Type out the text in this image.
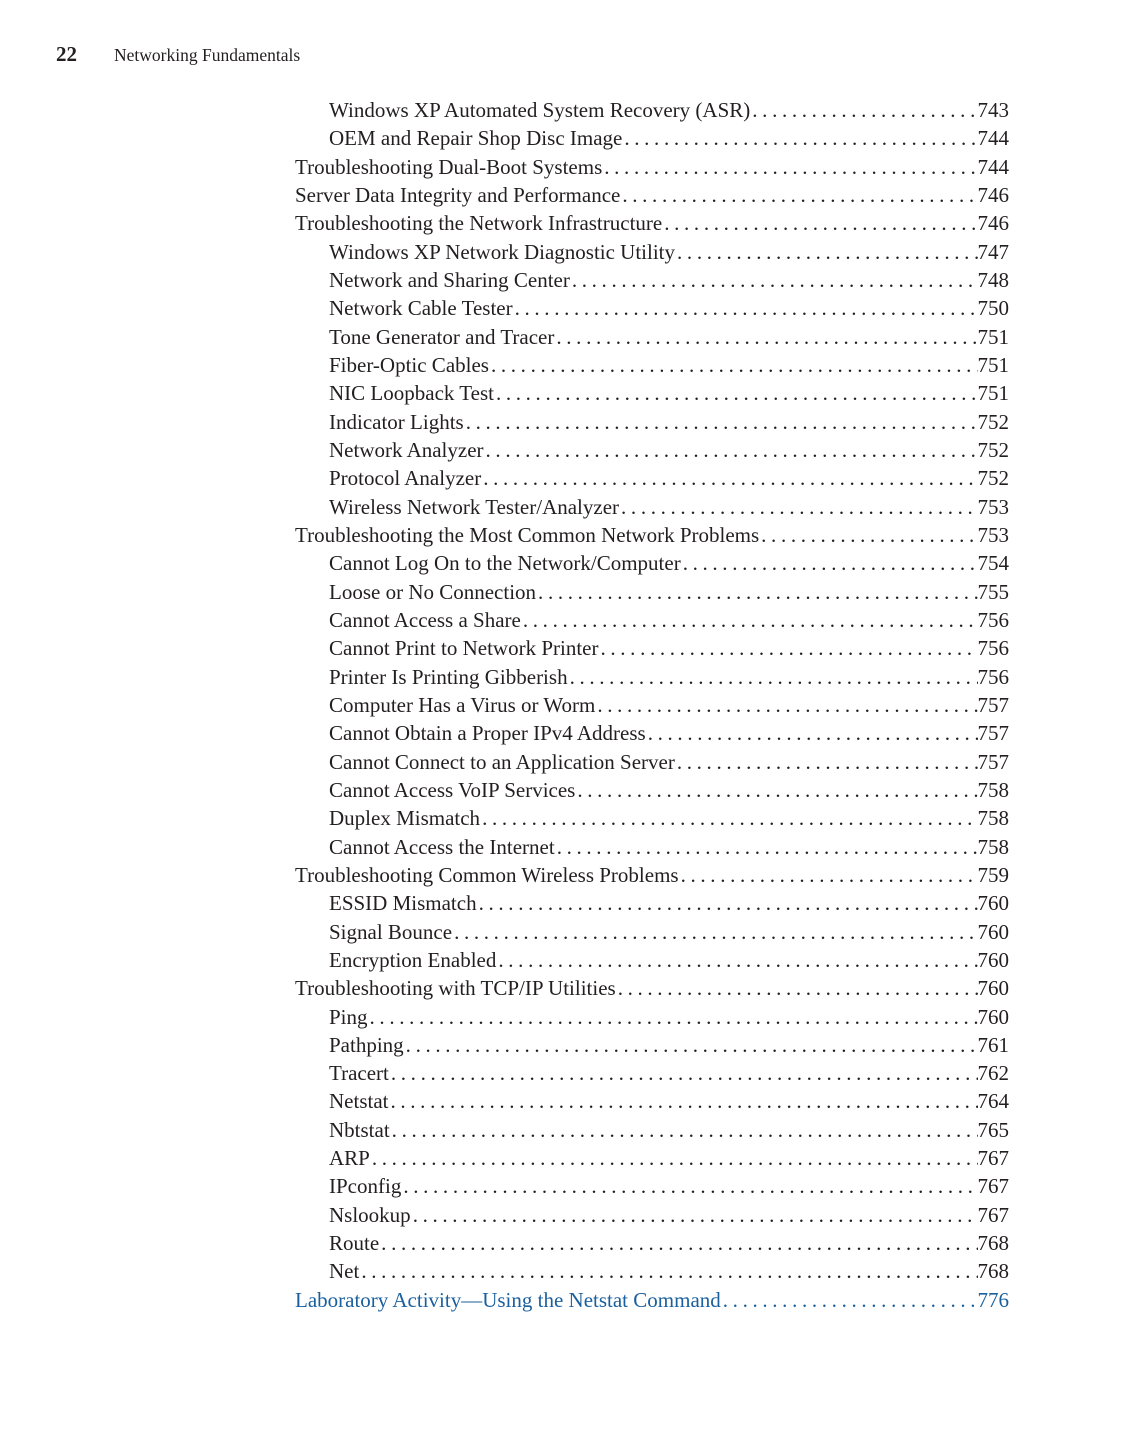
22	Networking Fundamentals
Windows XP Automated System Recovery (ASR) . . .	743
OEM and Repair Shop Disc Image . . .	744
Troubleshooting Dual-Boot Systems . . .	744
Server Data Integrity and Performance . . .	746
Troubleshooting the Network Infrastructure . . .	746
Windows XP Network Diagnostic Utility . . .	747
Network and Sharing Center . . .	748
Network Cable Tester . . .	750
Tone Generator and Tracer . . .	751
Fiber-Optic Cables . . .	751
NIC Loopback Test . . .	751
Indicator Lights . . .	752
Network Analyzer . . .	752
Protocol Analyzer . . .	752
Wireless Network Tester/Analyzer . . .	753
Troubleshooting the Most Common Network Problems . . .	753
Cannot Log On to the Network/Computer . . .	754
Loose or No Connection . . .	755
Cannot Access a Share . . .	756
Cannot Print to Network Printer . . .	756
Printer Is Printing Gibberish . . .	756
Computer Has a Virus or Worm . . .	757
Cannot Obtain a Proper IPv4 Address . . .	757
Cannot Connect to an Application Server . . .	757
Cannot Access VoIP Services . . .	758
Duplex Mismatch . . .	758
Cannot Access the Internet . . .	758
Troubleshooting Common Wireless Problems . . .	759
ESSID Mismatch . . .	760
Signal Bounce . . .	760
Encryption Enabled . . .	760
Troubleshooting with TCP/IP Utilities . . .	760
Ping . . .	760
Pathping . . .	761
Tracert . . .	762
Netstat . . .	764
Nbtstat . . .	765
ARP . . .	767
IPconfig . . .	767
Nslookup . . .	767
Route . . .	768
Net . . .	768
Laboratory Activity—Using the Netstat Command . . .	776
